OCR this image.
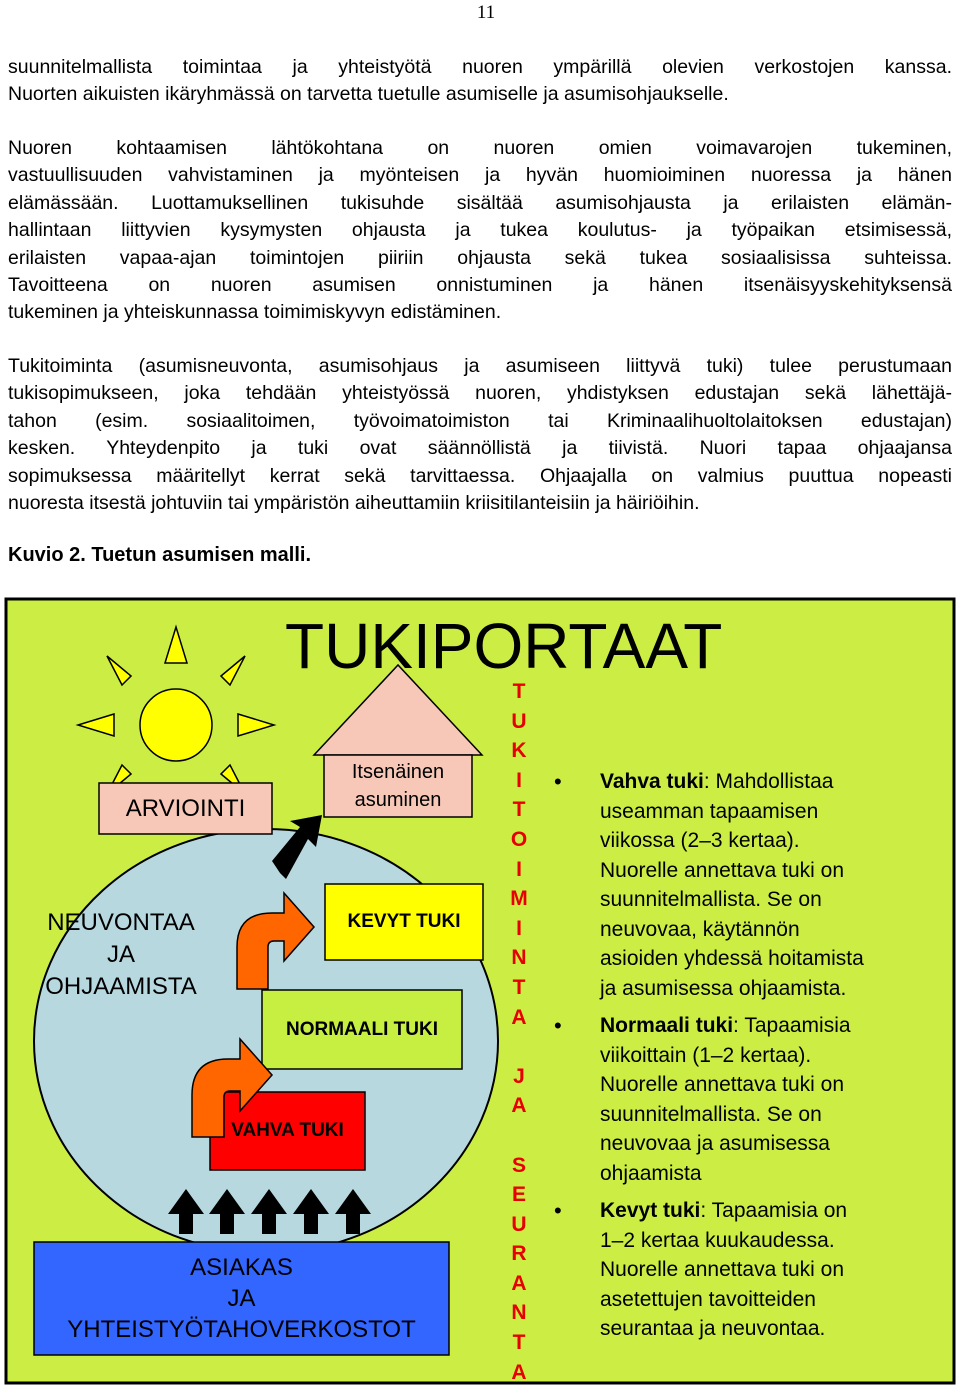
11
suunnitelmallista toimintaa ja yhteistyötä nuoren ympärillä olevien verkostojen kanssa.
Nuorten aikuisten ikäryhmässä on tarvetta tuetulle asumiselle ja asumisohjaukselle.
Nuoren kohtaamisen lähtökohtana on nuoren omien voimavarojen tukeminen,
vastuullisuuden vahvistaminen ja myönteisen ja hyvän huomioiminen nuoressa ja hänen
elämässään. Luottamuksellinen tukisuhde sisältää asumisohjausta ja erilaisten elämän-
hallintaan liittyvien kysymysten ohjausta ja tukea koulutus- ja työpaikan etsimisessä,
erilaisten vapaa-ajan toimintojen piiriin ohjausta sekä tukea sosiaalisissa suhteissa.
Tavoitteena on nuoren asumisen onnistuminen ja hänen itsenäisyyskehityksensä
tukeminen ja yhteiskunnassa toimimiskyvyn edistäminen.
Tukitoiminta (asumisneuvonta, asumisohjaus ja asumiseen liittyvä tuki) tulee perustumaan
tukisopimukseen, joka tehdään yhteistyössä nuoren, yhdistyksen edustajan sekä lähettäjä-
tahon (esim. sosiaalitoimen, työvoimatoimiston tai Kriminaalihuoltolaitoksen edustajan)
kesken. Yhteydenpito ja tuki ovat säännöllistä ja tiivistä. Nuori tapaa ohjaajansa
sopimuksessa määritellyt kerrat sekä tarvittaessa. Ohjaajalla on valmius puuttua nopeasti
nuoresta itsestä johtuviin tai ympäristön aiheuttamiin kriisitilanteisiin ja häiriöihin.
Kuvio 2. Tuetun asumisen malli.
TUKIPORTAAT
ARVIOINTI
Itsenäinen
asuminen
NEUVONTAA
JA
OHJAAMISTA
KEVYT TUKI
NORMAALI TUKI
VAHVA TUKI
ASIAKAS
JA
YHTEISTYÖTAHOVERKOSTOT
T
U
K
I
T
O
I
M
I
N
T
A
J
A
S
E
U
R
A
N
T
A
• Vahva tuki: Mahdollistaa
useamman tapaamisen
viikossa (2–3 kertaa).
Nuorelle annettava tuki on
suunnitelmallista. Se on
neuvovaa, käytännön
asioiden yhdessä hoitamista
ja asumisessa ohjaamista.
• Normaali tuki: Tapaamisia
viikoittain (1–2 kertaa).
Nuorelle annettava tuki on
suunnitelmallista. Se on
neuvovaa ja asumisessa
ohjaamista
• Kevyt tuki: Tapaamisia on
1–2 kertaa kuukaudessa.
Nuorelle annettava tuki on
asetettujen tavoitteiden
seurantaa ja neuvontaa.
